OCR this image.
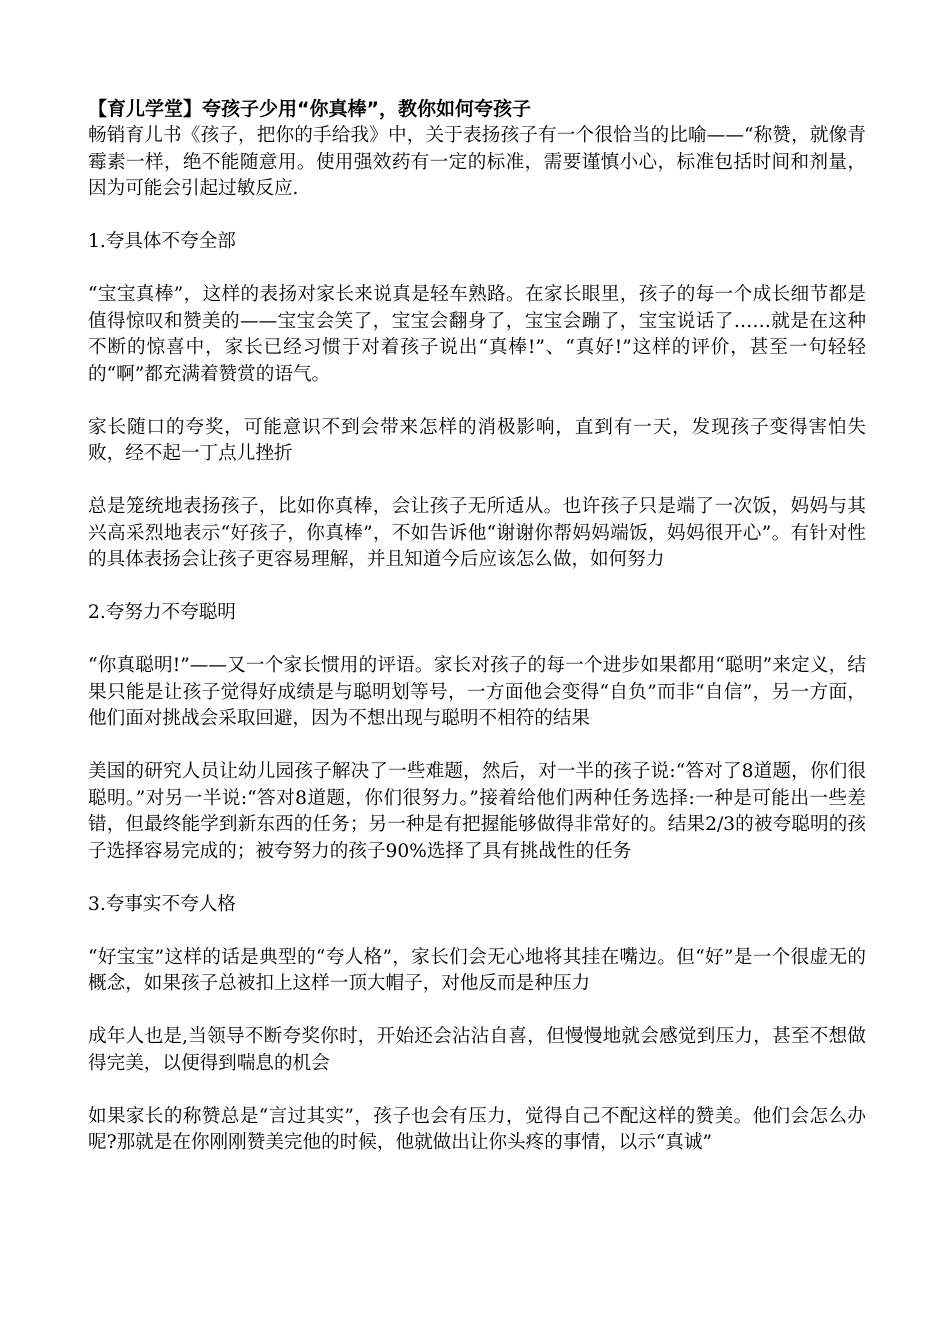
【育儿学堂】夸孩子少用“你真棒”，教你如何夸孩子

畅销育儿书《孩子，把你的手给我》中，关于表扬孩子有一个很恰当的比喻——“称赞，就像青霉素一样，绝不能随意用。使用强效药有一定的标准，需要谨慎小心，标准包括时间和剂量，因为可能会引起过敏反应.

1.夸具体不夸全部

“宝宝真棒”，这样的表扬对家长来说真是轻车熟路。在家长眼里，孩子的每一个成长细节都是值得惊叹和赞美的——宝宝会笑了，宝宝会翻身了，宝宝会蹦了，宝宝说话了……就是在这种不断的惊喜中，家长已经习惯于对着孩子说出“真棒!”、“真好!”这样的评价，甚至一句轻轻的“啊”都充满着赞赏的语气。

家长随口的夸奖，可能意识不到会带来怎样的消极影响，直到有一天，发现孩子变得害怕失败，经不起一丁点儿挫折

总是笼统地表扬孩子，比如你真棒，会让孩子无所适从。也许孩子只是端了一次饭，妈妈与其兴高采烈地表示“好孩子，你真棒”，不如告诉他“谢谢你帮妈妈端饭，妈妈很开心”。有针对性的具体表扬会让孩子更容易理解，并且知道今后应该怎么做，如何努力

2.夸努力不夸聪明

“你真聪明!”——又一个家长惯用的评语。家长对孩子的每一个进步如果都用“聪明”来定义，结果只能是让孩子觉得好成绩是与聪明划等号，一方面他会变得“自负”而非“自信”，另一方面，他们面对挑战会采取回避，因为不想出现与聪明不相符的结果

美国的研究人员让幼儿园孩子解决了一些难题，然后，对一半的孩子说:“答对了8道题，你们很聪明。”对另一半说:“答对8道题，你们很努力。”接着给他们两种任务选择:一种是可能出一些差错，但最终能学到新东西的任务；另一种是有把握能够做得非常好的。结果2/3的被夸聪明的孩子选择容易完成的；被夸努力的孩子90%选择了具有挑战性的任务

3.夸事实不夸人格

“好宝宝”这样的话是典型的“夸人格”，家长们会无心地将其挂在嘴边。但“好”是一个很虚无的概念，如果孩子总被扣上这样一顶大帽子，对他反而是种压力

成年人也是,当领导不断夸奖你时，开始还会沾沾自喜，但慢慢地就会感觉到压力，甚至不想做得完美，以便得到喘息的机会

如果家长的称赞总是“言过其实”，孩子也会有压力，觉得自己不配这样的赞美。他们会怎么办呢?那就是在你刚刚赞美完他的时候，他就做出让你头疼的事情，以示“真诚”
